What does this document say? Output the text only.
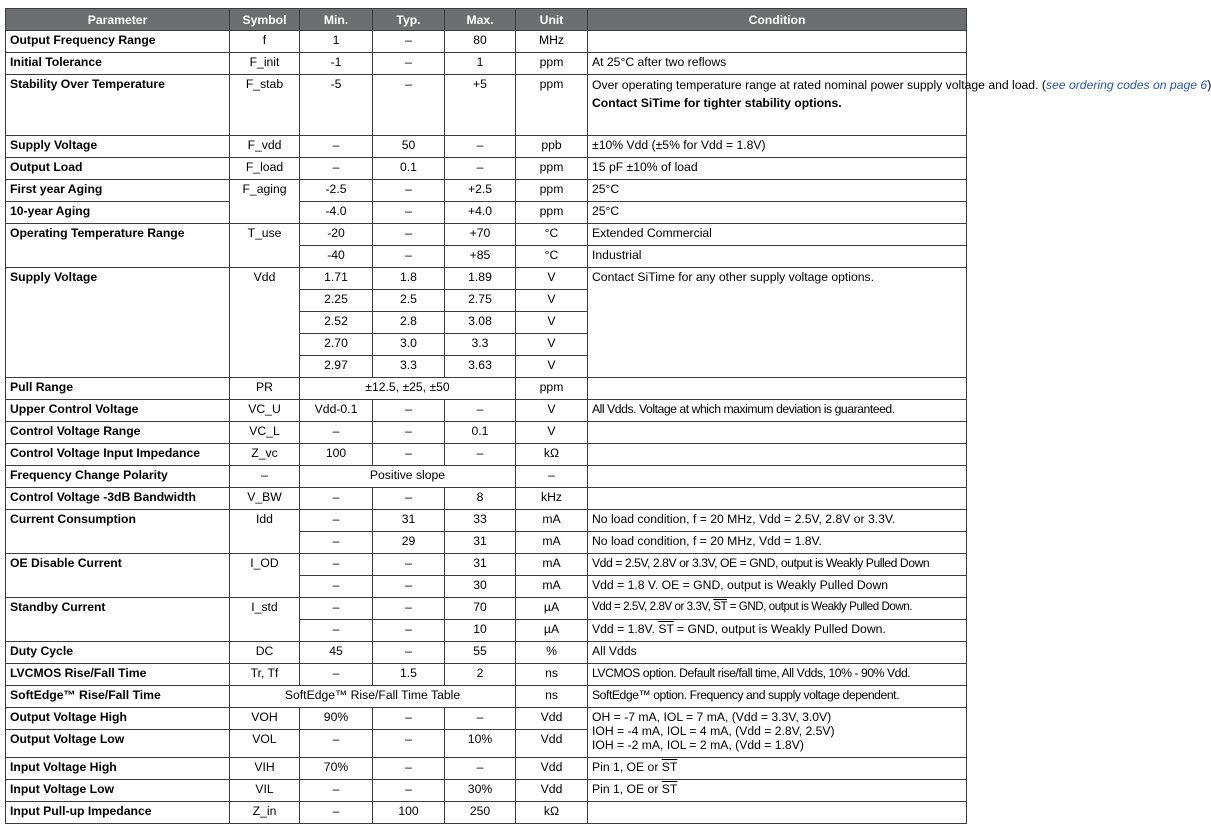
Parameter	Symbol	Min.	Typ.	Max.	Unit	Condition
Output Frequency Range	f	1	–	80	MHz	
Initial Tolerance	F_init	-1	–	1	ppm	At 25°C after two reflows
Stability Over Temperature	F_stab	-5	–	+5	ppm	Over operating temperature range at rated nominal power supply voltage and load. (see ordering codes on page 6)
Contact SiTime for tighter stability options.

Supply Voltage	F_vdd	–	50	–	ppb	±10% Vdd (±5% for Vdd = 1.8V)
Output Load	F_load	–	0.1	–	ppm	15 pF ±10% of load
First year Aging	F_aging	-2.5	–	+2.5	ppm	25°C
10-year Aging		-4.0	–	+4.0	ppm	25°C
Operating Temperature Range	T_use	-20	–	+70	°C	Extended Commercial
		-40	–	+85	°C	Industrial
Supply Voltage	Vdd	1.71	1.8	1.89	V	Contact SiTime for any other supply voltage options.
		2.25	2.5	2.75	V	
		2.52	2.8	3.08	V	
		2.70	3.0	3.3	V	
		2.97	3.3	3.63	V	
Pull Range	PR	±12.5, ±25, ±50			ppm	
Upper Control Voltage	VC_U	Vdd-0.1	–	–	V	All Vdds. Voltage at which maximum deviation is guaranteed.
Control Voltage Range	VC_L	–	–	0.1	V	
Control Voltage Input Impedance	Z_vc	100	–	–	kΩ	
Frequency Change Polarity	–	Positive slope			–	
Control Voltage -3dB Bandwidth	V_BW	–	–	8	kHz	
Current Consumption	Idd	–	31	33	mA	No load condition, f = 20 MHz, Vdd = 2.5V, 2.8V or 3.3V.
		–	29	31	mA	No load condition, f = 20 MHz, Vdd = 1.8V.
OE Disable Current	I_OD	–	–	31	mA	Vdd = 2.5V, 2.8V or 3.3V, OE = GND, output is Weakly Pulled Down
		–	–	30	mA	Vdd = 1.8 V. OE = GND, output is Weakly Pulled Down
Standby Current	I_std	–	–	70	µA	Vdd = 2.5V, 2.8V or 3.3V, $\overline{ST}$ = GND, output is Weakly Pulled Down.
		–	–	10	µA	Vdd = 1.8V. $\overline{ST}$ = GND, output is Weakly Pulled Down.
Duty Cycle	DC	45	–	55	%	All Vdds
LVCMOS Rise/Fall Time	Tr, Tf	–	1.5	2	ns	LVCMOS option. Default rise/fall time, All Vdds, 10% - 90% Vdd.
SoftEdge™ Rise/Fall Time	SoftEdge™ Rise/Fall Time Table				ns	SoftEdge™ option. Frequency and supply voltage dependent.
Output Voltage High	VOH	90%	–	–	Vdd	OH = -7 mA, IOL = 7 mA, (Vdd = 3.3V, 3.0V)
IOH = -4 mA, IOL = 4 mA, (Vdd = 2.8V, 2.5V)
IOH = -2 mA, IOL = 2 mA, (Vdd = 1.8V)

Output Voltage Low	VOL	–	–	10%	Vdd	
Input Voltage High	VIH	70%	–	–	Vdd	Pin 1, OE or $\overline{ST}$
Input Voltage Low	VIL	–	–	30%	Vdd	Pin 1, OE or $\overline{ST}$
Input Pull-up Impedance	Z_in	–	100	250	kΩ	
